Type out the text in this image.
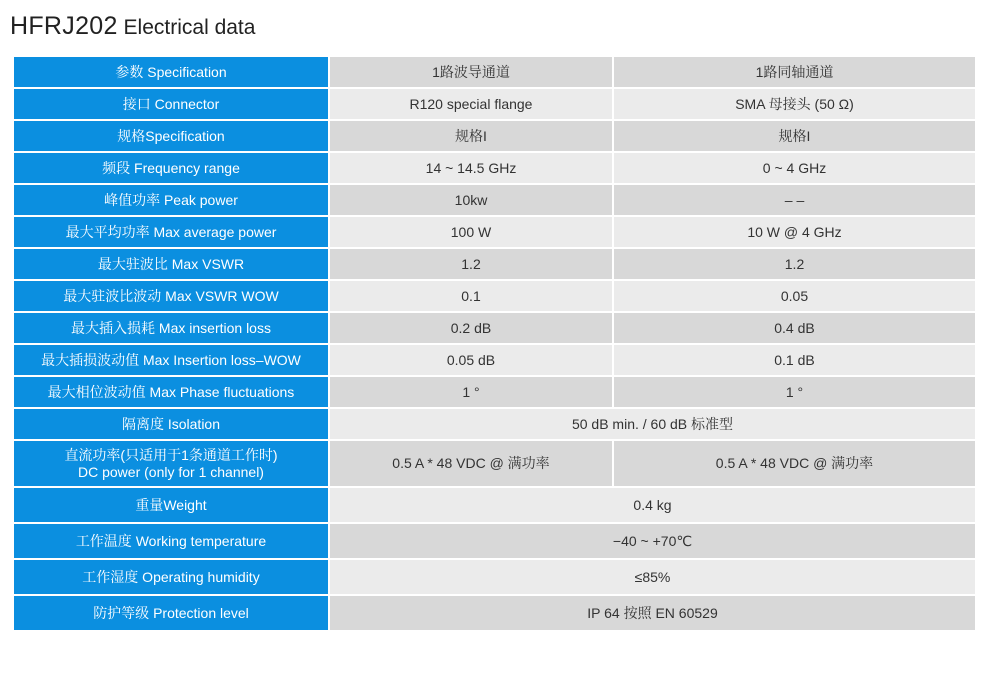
HFRJ202 Electrical data
参数 Specification	1路波导通道	1路同轴通道
接口 Connector	R120 special flange	SMA 母接头 (50 Ω)
规格Specification	规格I	规格I
频段 Frequency range	14 ~ 14.5 GHz	0 ~ 4 GHz
峰值功率 Peak power	10kw	– –
最大平均功率 Max average power	100 W	10 W @ 4 GHz
最大驻波比 Max VSWR	1.2	1.2
最大驻波比波动 Max VSWR WOW	0.1	0.05
最大插入损耗 Max insertion loss	0.2 dB	0.4 dB
最大插损波动值 Max Insertion loss–WOW	0.05 dB	0.1 dB
最大相位波动值 Max Phase fluctuations	1 °	1 °
隔离度 Isolation	50 dB min. / 60 dB 标准型	

直流功率(只适用于1条通道工作时)
DC power (only for 1 channel)	0.5 A * 48 VDC @ 满功率	0.5 A * 48 VDC @ 满功率
重量Weight	0.4 kg	
工作温度 Working temperature	−40 ~ +70℃	
工作湿度 Operating humidity	≤85%	
防护等级 Protection level	IP 64 按照 EN 60529	
